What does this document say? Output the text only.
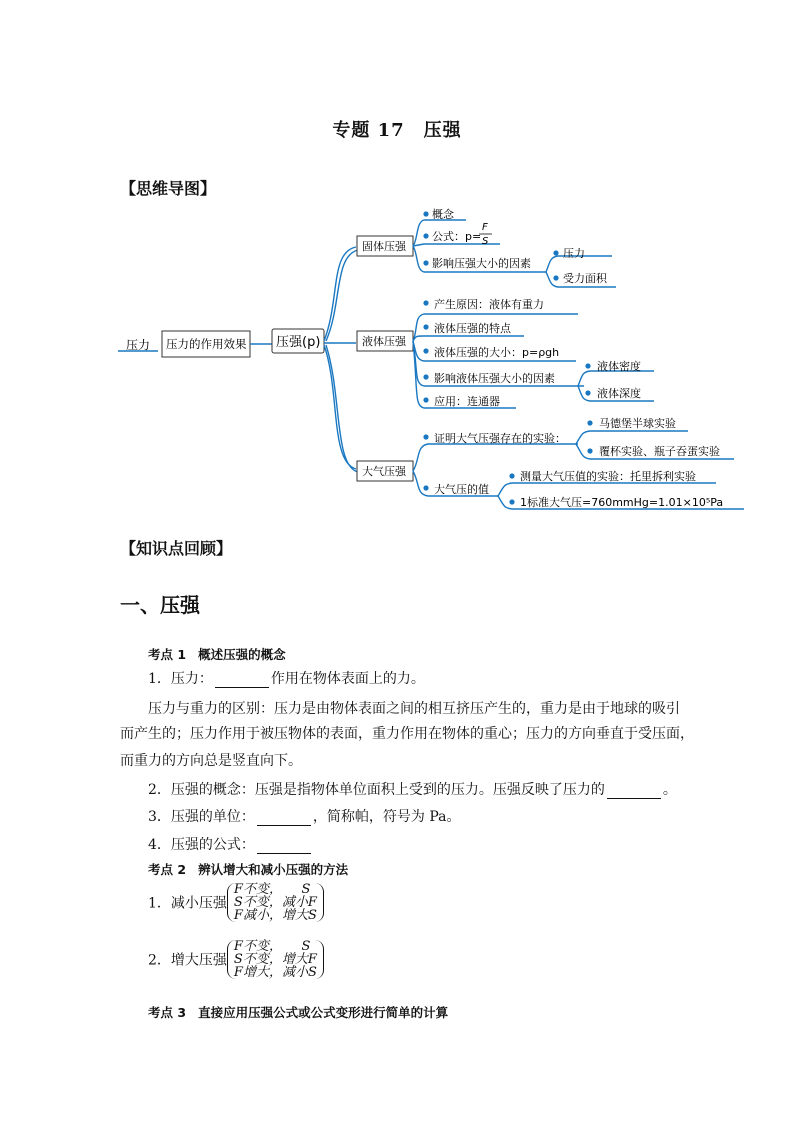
专题 17　压强
【思维导图】
压力 压力的作用效果 压强(p)
固体压强
液体压强
大气压强
概念
公式：p=
F
S
影响压强大小的因素
压力
受力面积
产生原因：液体有重力
液体压强的特点
液体压强的大小：p=ρgh
影响液体压强大小的因素
应用：连通器
液体密度
液体深度
证明大气压强存在的实验：
大气压的值
马德堡半球实验
覆杯实验、瓶子吞蛋实验
测量大气压值的实验：托里拆利实验
1标准大气压=760mmHg=1.01×10⁵Pa
【知识点回顾】
一、压强
考点 1 概述压强的概念
1．压力：	作用在物体表面上的力。
压力与重力的区别：压力是由物体表面之间的相互挤压产生的，重力是由于地球的吸引
而产生的；压力作用于被压物体的表面，重力作用在物体的重心；压力的方向垂直于受压面，
而重力的方向总是竖直向下。
2．压强的概念：压强是指物体单位面积上受到的压力。压强反映了压力的	。
3．压强的单位：	，简称帕，符号为 Pa。
4．压强的公式：
考点 2 辨认增大和减小压强的方法
1．减小压强
F不变，　　S
S不变，减小F
F减小，增大S
2．增大压强
F不变，　　S
S不变，增大F
F增大，减小S
考点 3 直接应用压强公式或公式变形进行简单的计算
